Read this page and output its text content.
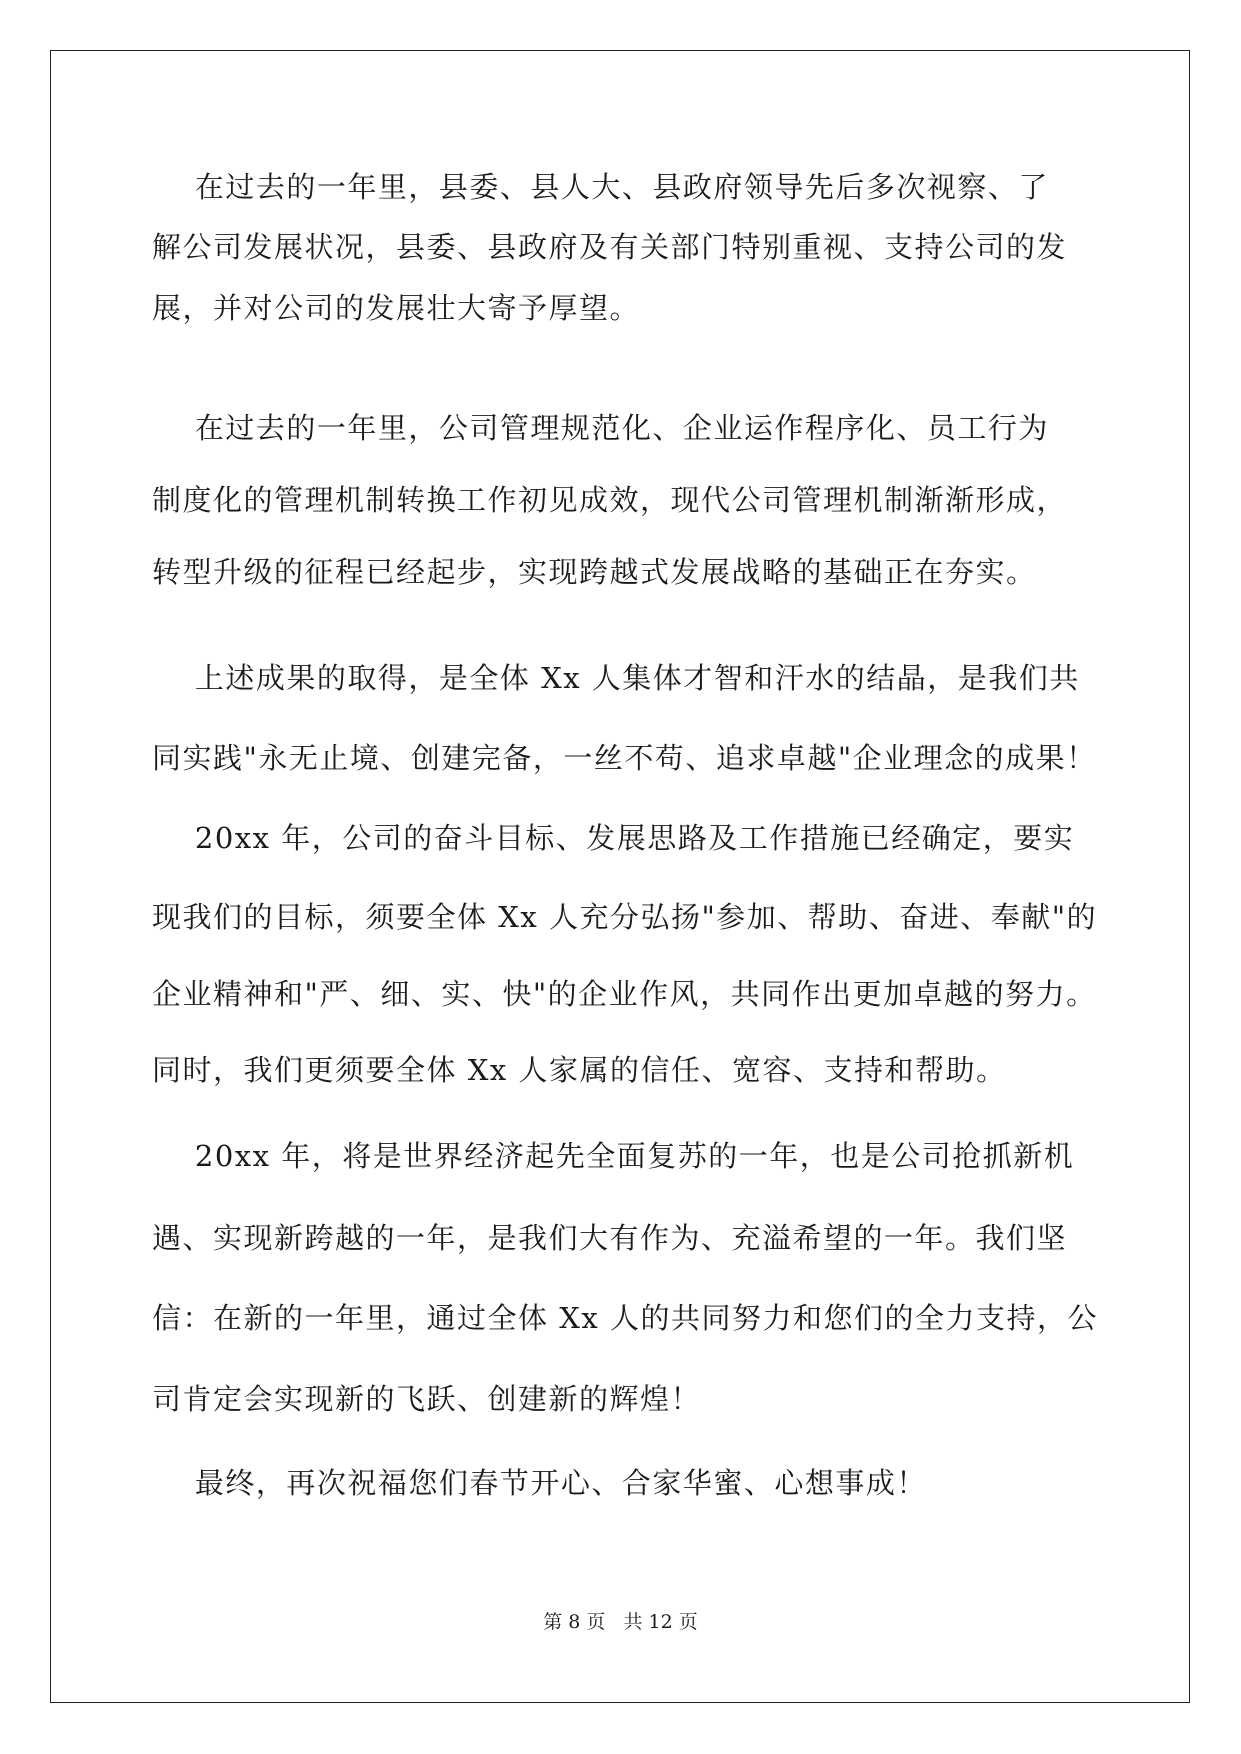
在过去的一年里，县委、县人大、县政府领导先后多次视察、了
解公司发展状况，县委、县政府及有关部门特别重视、支持公司的发
展，并对公司的发展壮大寄予厚望。
在过去的一年里，公司管理规范化、企业运作程序化、员工行为
制度化的管理机制转换工作初见成效，现代公司管理机制渐渐形成，
转型升级的征程已经起步，实现跨越式发展战略的基础正在夯实。
上述成果的取得，是全体 Xx 人集体才智和汗水的结晶，是我们共
同实践"永无止境、创建完备，一丝不苟、追求卓越"企业理念的成果！
20xx 年，公司的奋斗目标、发展思路及工作措施已经确定，要实
现我们的目标，须要全体 Xx 人充分弘扬"参加、帮助、奋进、奉献"的
企业精神和"严、细、实、快"的企业作风，共同作出更加卓越的努力。
同时，我们更须要全体 Xx 人家属的信任、宽容、支持和帮助。
20xx 年，将是世界经济起先全面复苏的一年，也是公司抢抓新机
遇、实现新跨越的一年，是我们大有作为、充溢希望的一年。我们坚
信：在新的一年里，通过全体 Xx 人的共同努力和您们的全力支持，公
司肯定会实现新的飞跃、创建新的辉煌！
最终，再次祝福您们春节开心、合家华蜜、心想事成！
第 8 页 共 12 页
